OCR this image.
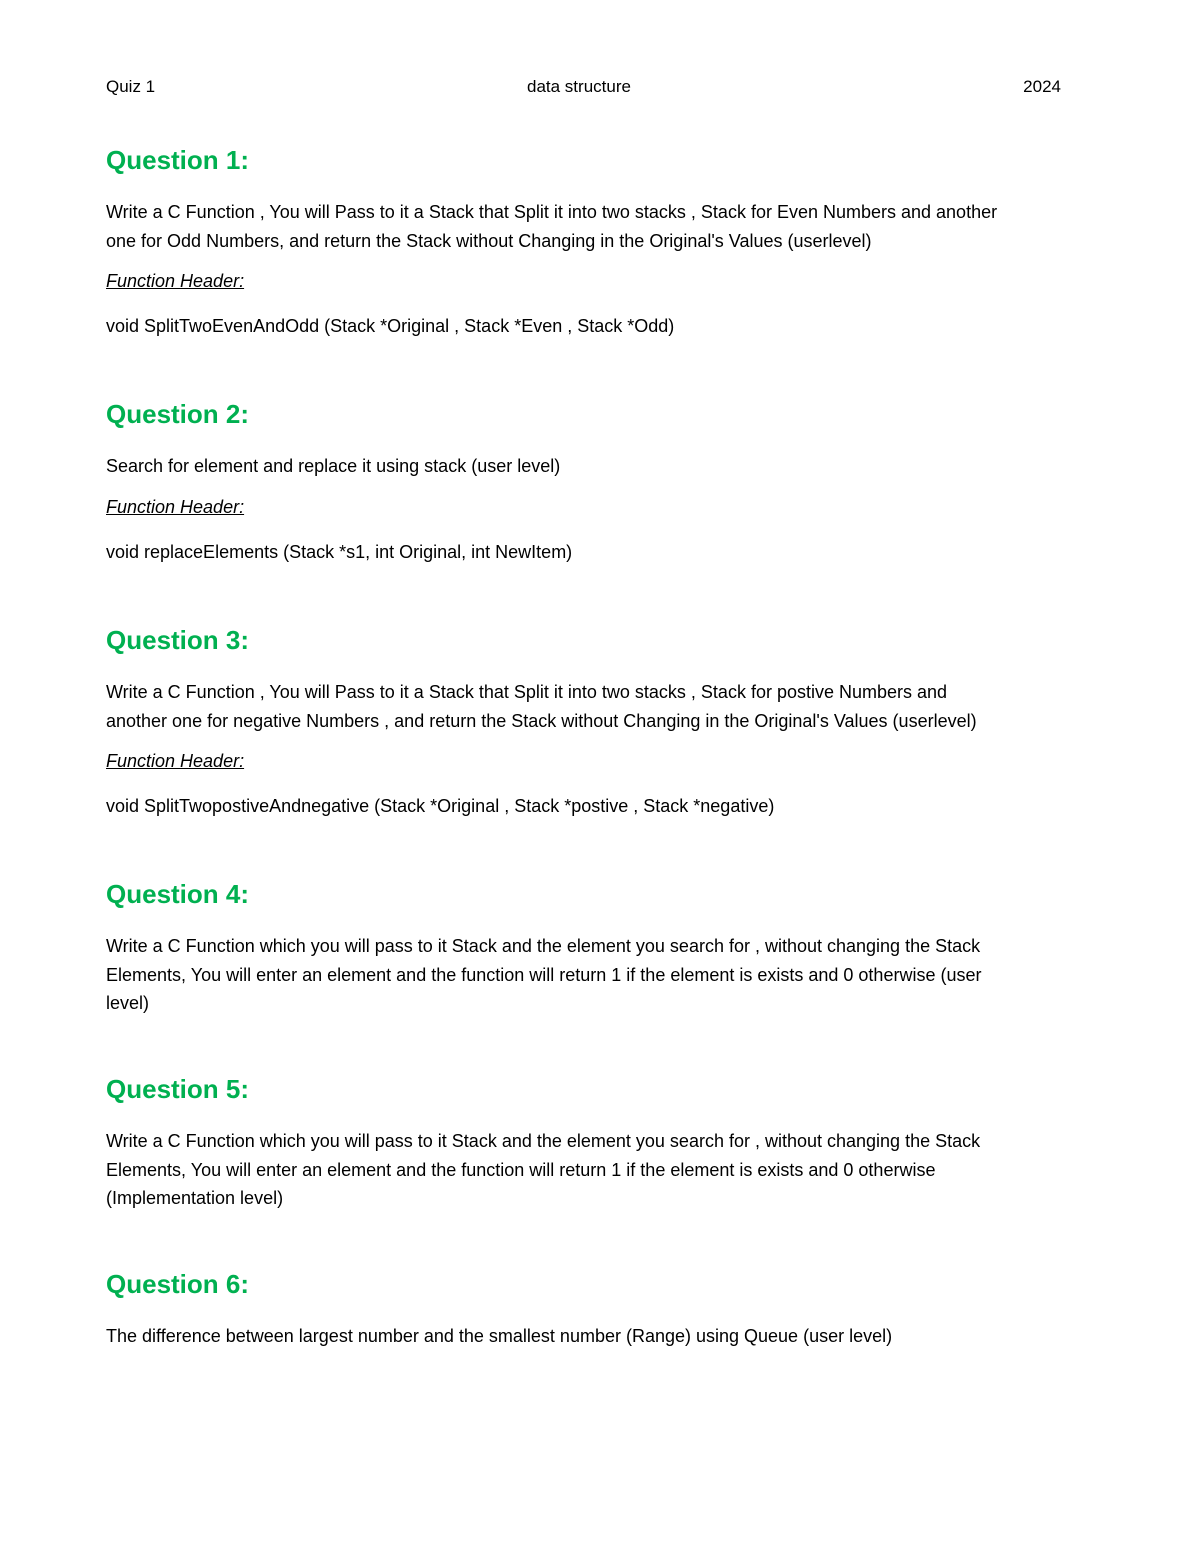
Quiz 1	data structure	2024

Question 1:

Write a C Function , You will Pass to it a Stack that Split it into two stacks , Stack for Even Numbers and another

one for Odd Numbers, and return the Stack without Changing in the Original's Values (userlevel)

Function Header:

void SplitTwoEvenAndOdd (Stack *Original , Stack *Even , Stack *Odd)

Question 2:

Search for element and replace it using stack (user level)

Function Header:

void replaceElements (Stack *s1, int Original, int NewItem)

Question 3:

Write a C Function , You will Pass to it a Stack that Split it into two stacks , Stack for postive Numbers and

another one for negative Numbers , and return the Stack without Changing in the Original's Values (userlevel)

Function Header:

void SplitTwopostiveAndnegative (Stack *Original , Stack *postive , Stack *negative)

Question 4:

Write a C Function which you will pass to it Stack and the element you search for , without changing the Stack

Elements, You will enter an element and the function will return 1 if the element is exists and 0 otherwise (user

level)

Question 5:

Write a C Function which you will pass to it Stack and the element you search for , without changing the Stack

Elements, You will enter an element and the function will return 1 if the element is exists and 0 otherwise

(Implementation level)

Question 6:

The difference between largest number and the smallest number (Range) using Queue (user level)
